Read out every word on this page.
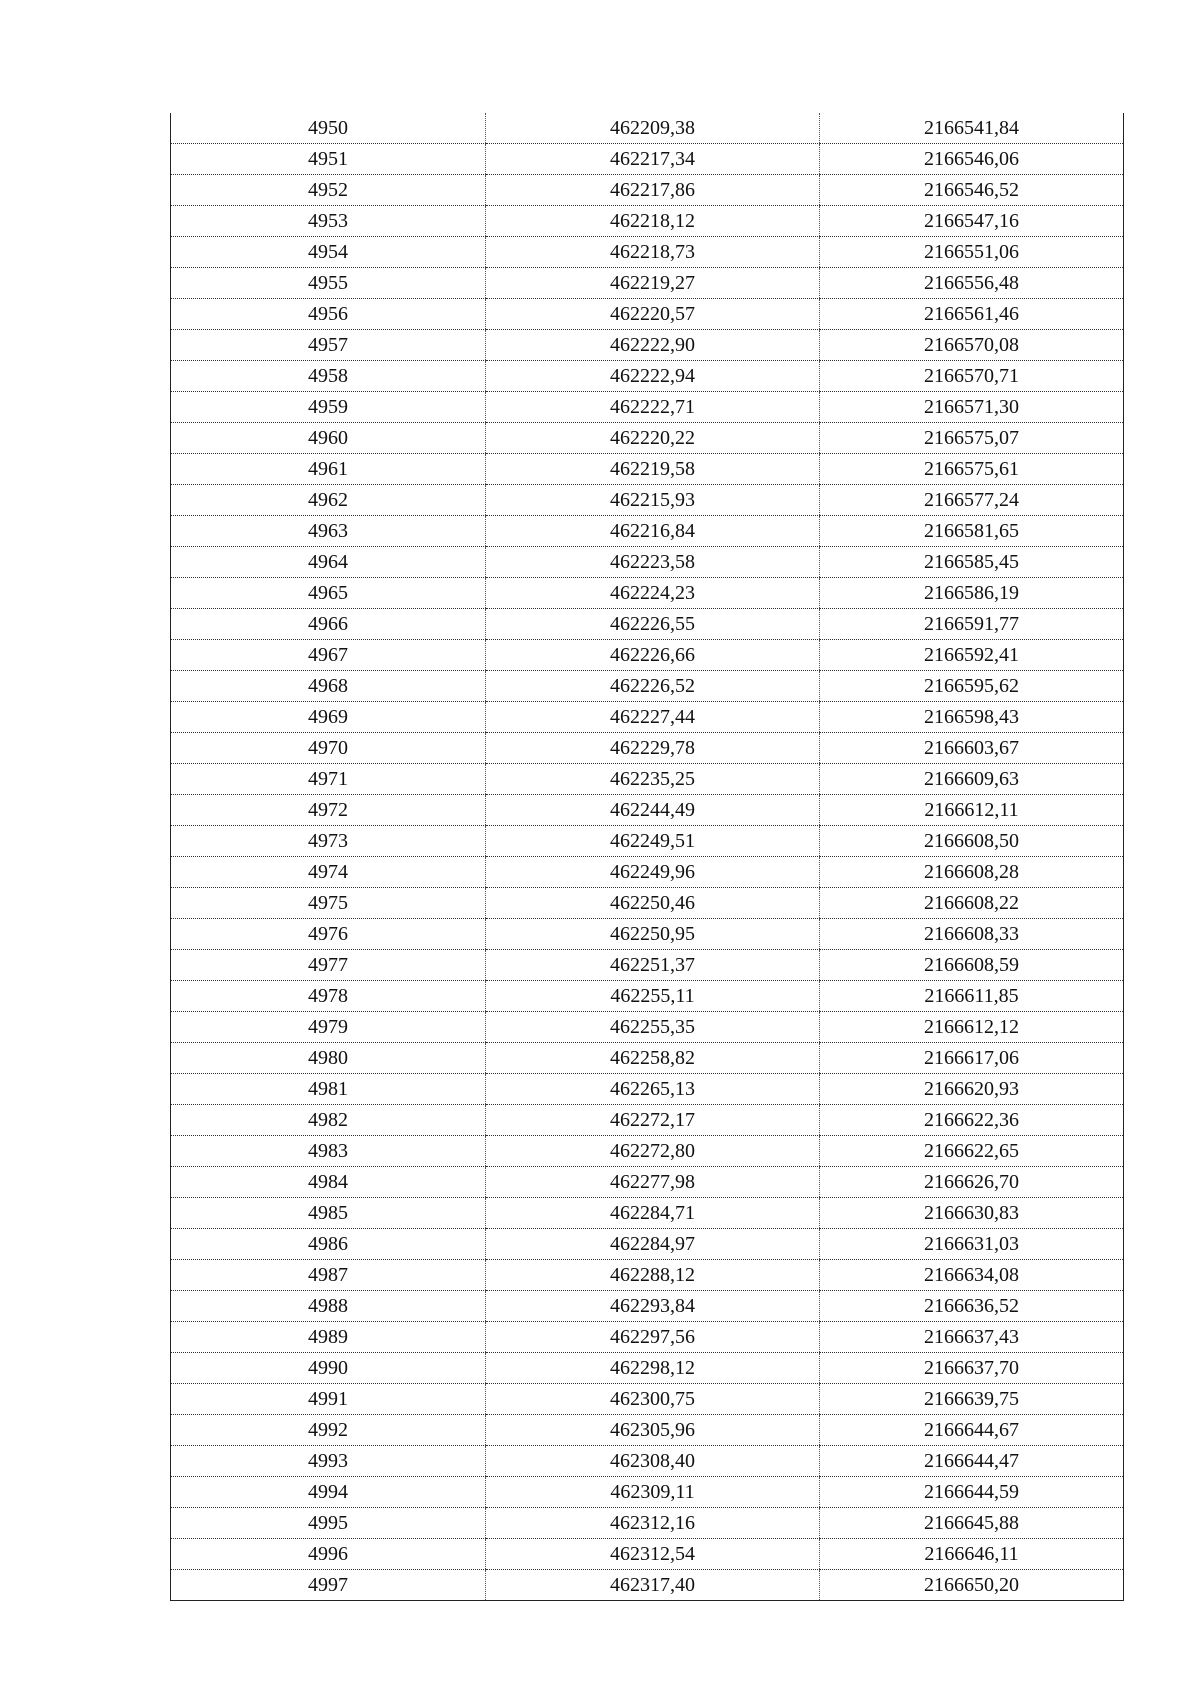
4950	462209,38	2166541,84
4951	462217,34	2166546,06
4952	462217,86	2166546,52
4953	462218,12	2166547,16
4954	462218,73	2166551,06
4955	462219,27	2166556,48
4956	462220,57	2166561,46
4957	462222,90	2166570,08
4958	462222,94	2166570,71
4959	462222,71	2166571,30
4960	462220,22	2166575,07
4961	462219,58	2166575,61
4962	462215,93	2166577,24
4963	462216,84	2166581,65
4964	462223,58	2166585,45
4965	462224,23	2166586,19
4966	462226,55	2166591,77
4967	462226,66	2166592,41
4968	462226,52	2166595,62
4969	462227,44	2166598,43
4970	462229,78	2166603,67
4971	462235,25	2166609,63
4972	462244,49	2166612,11
4973	462249,51	2166608,50
4974	462249,96	2166608,28
4975	462250,46	2166608,22
4976	462250,95	2166608,33
4977	462251,37	2166608,59
4978	462255,11	2166611,85
4979	462255,35	2166612,12
4980	462258,82	2166617,06
4981	462265,13	2166620,93
4982	462272,17	2166622,36
4983	462272,80	2166622,65
4984	462277,98	2166626,70
4985	462284,71	2166630,83
4986	462284,97	2166631,03
4987	462288,12	2166634,08
4988	462293,84	2166636,52
4989	462297,56	2166637,43
4990	462298,12	2166637,70
4991	462300,75	2166639,75
4992	462305,96	2166644,67
4993	462308,40	2166644,47
4994	462309,11	2166644,59
4995	462312,16	2166645,88
4996	462312,54	2166646,11
4997	462317,40	2166650,20
